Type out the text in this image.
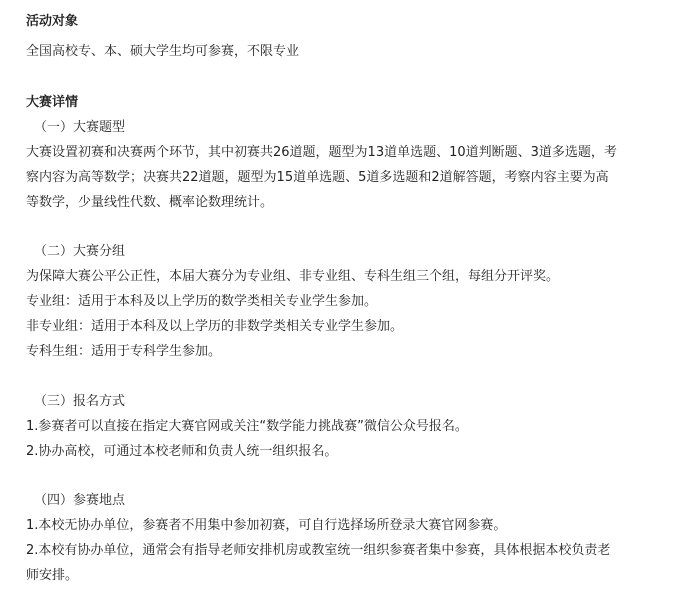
活动对象
全国高校专、本、硕大学生均可参赛，不限专业
大赛详情
（一）大赛题型
大赛设置初赛和决赛两个环节，其中初赛共26道题，题型为13道单选题、10道判断题、3道多选题，考
察内容为高等数学；决赛共22道题，题型为15道单选题、5道多选题和2道解答题，考察内容主要为高
等数学，少量线性代数、概率论数理统计。
（二）大赛分组
为保障大赛公平公正性，本届大赛分为专业组、非专业组、专科生组三个组，每组分开评奖。
专业组：适用于本科及以上学历的数学类相关专业学生参加。
非专业组：适用于本科及以上学历的非数学类相关专业学生参加。
专科生组：适用于专科学生参加。
（三）报名方式
1.参赛者可以直接在指定大赛官网或关注“数学能力挑战赛”微信公众号报名。
2.协办高校，可通过本校老师和负责人统一组织报名。
（四）参赛地点
1.本校无协办单位，参赛者不用集中参加初赛，可自行选择场所登录大赛官网参赛。
2.本校有协办单位，通常会有指导老师安排机房或教室统一组织参赛者集中参赛，具体根据本校负责老
师安排。
